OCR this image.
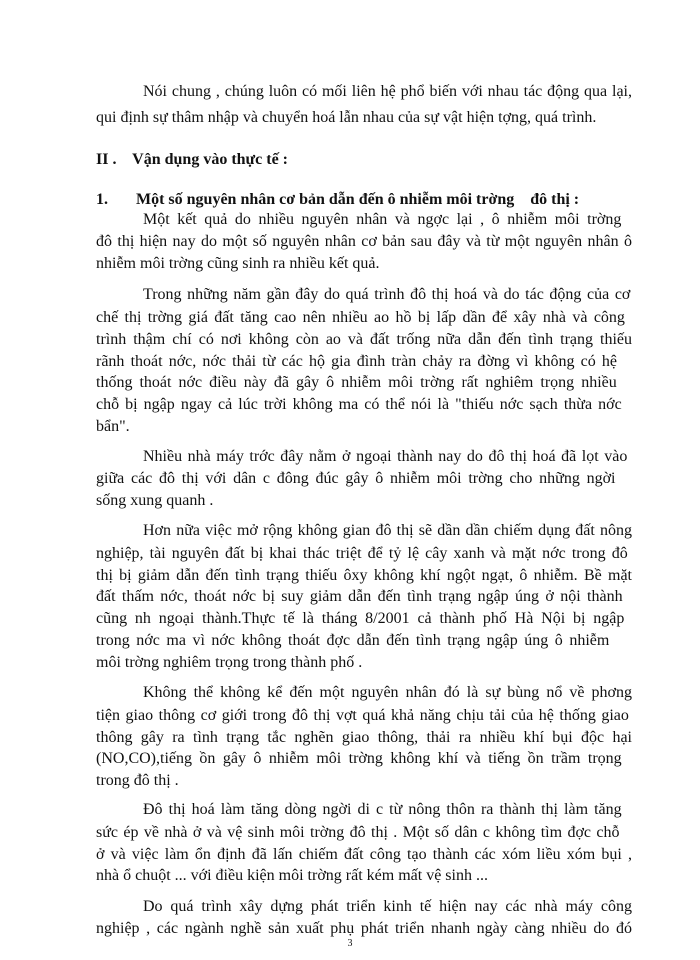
Nói chung , chúng luôn có mối liên hệ phổ biến với nhau tác động qua lại,
qui định sự thâm nhập và chuyển hoá lẫn nhau của sự vật hiện tợng, quá trình.
II .    Vận dụng vào thực tế :
1.       Một số nguyên nhân cơ bản dẫn đến ô nhiễm môi trờng    đô thị :
Một kết quả do nhiều nguyên nhân và ngợc lại , ô nhiễm môi trờng
đô thị hiện nay do một số nguyên nhân cơ bản sau đây và từ một nguyên nhân ô
nhiễm môi trờng cũng sinh ra nhiều kết quả.
Trong những năm gần đây do quá trình đô thị hoá và do tác động của cơ
chế thị trờng giá đất tăng cao nên nhiều ao hồ bị lấp dần để xây nhà và công
trình thậm chí có nơi không còn ao và đất trống nữa dẫn đến tình trạng thiếu
rãnh thoát nớc, nớc thải từ các hộ gia đình tràn chảy ra đờng vì không có hệ
thống thoát nớc điều này đã gây ô nhiễm môi trờng rất nghiêm trọng nhiều
chỗ bị ngập ngay cả lúc trời không ma có thể nói là "thiếu nớc sạch thừa nớc
bẩn".
Nhiều nhà máy trớc đây nằm ở ngoại thành nay do đô thị hoá đã lọt vào
giữa các đô thị với dân c đông đúc gây ô nhiễm môi trờng cho những ngời
sống xung quanh .
Hơn nữa việc mở rộng không gian đô thị sẽ dần dần chiếm dụng đất nông
nghiệp, tài nguyên đất bị khai thác triệt để tỷ lệ cây xanh và mặt nớc trong đô
thị bị giảm dẫn đến tình trạng thiếu ôxy không khí ngột ngạt, ô nhiễm. Bề mặt
đất thấm nớc, thoát nớc bị suy giảm dẫn đến tình trạng ngập úng ở nội thành
cũng nh ngoại thành.Thực tế là tháng 8/2001 cả thành phố Hà Nội bị ngập
trong nớc ma vì nớc không thoát đợc dẫn đến tình trạng ngập úng ô nhiễm
môi trờng nghiêm trọng trong thành phố .
Không thể không kể đến một nguyên nhân đó là sự bùng nổ về phơng
tiện giao thông cơ giới trong đô thị vợt quá khả năng chịu tải của hệ thống giao
thông gây ra tình trạng tắc nghẽn giao thông, thải ra nhiều khí bụi độc hại
(NO,CO),tiếng ồn gây ô nhiễm môi trờng không khí và tiếng ồn trầm trọng
trong đô thị .
Đô thị hoá làm tăng dòng ngời di c từ nông thôn ra thành thị làm tăng
sức ép về nhà ở và vệ sinh môi trờng đô thị . Một số dân c không tìm đợc chỗ
ở và việc làm ổn định đã lấn chiếm đất công tạo thành các xóm liều xóm bụi ,
nhà ổ chuột ... với điều kiện môi trờng rất kém mất vệ sinh ...
Do quá trình xây dựng phát triển kinh tế hiện nay các nhà máy công
nghiệp , các ngành nghề sản xuất phụ phát triển nhanh ngày càng nhiều do đó
3
